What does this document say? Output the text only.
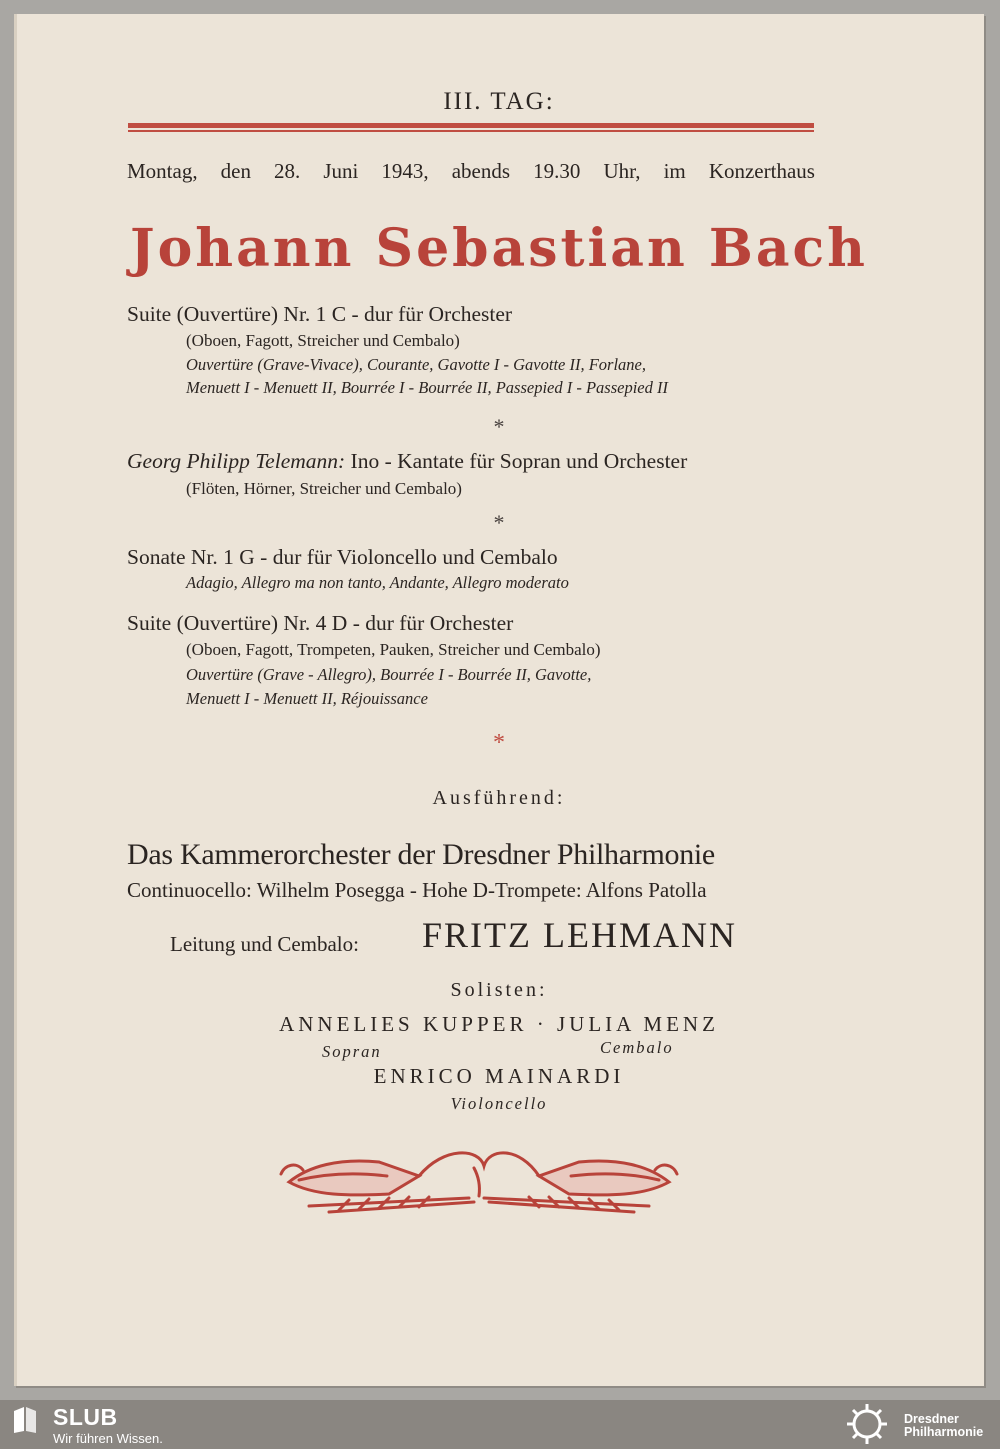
III. TAG:
Montag, den 28. Juni 1943, abends 19.30 Uhr, im Konzerthaus
Johann Sebastian Bach
Suite (Ouvertüre) Nr. 1 C - dur für Orchester
(Oboen, Fagott, Streicher und Cembalo)
Ouvertüre (Grave-Vivace), Courante, Gavotte I - Gavotte II, Forlane,
Menuett I - Menuett II, Bourrée I - Bourrée II, Passepied I - Passepied II
*
Georg Philipp Telemann: Ino - Kantate für Sopran und Orchester
(Flöten, Hörner, Streicher und Cembalo)
*
Sonate Nr. 1 G - dur für Violoncello und Cembalo
Adagio, Allegro ma non tanto, Andante, Allegro moderato
Suite (Ouvertüre) Nr. 4 D - dur für Orchester
(Oboen, Fagott, Trompeten, Pauken, Streicher und Cembalo)
Ouvertüre (Grave - Allegro), Bourrée I - Bourrée II, Gavotte,
Menuett I - Menuett II, Réjouissance
*
Ausführend:
Das Kammerorchester der Dresdner Philharmonie
Continuocello: Wilhelm Posegga - Hohe D-Trompete: Alfons Patolla
Leitung und Cembalo: FRITZ LEHMANN
Solisten:
ANNELIES KUPPER · JULIA MENZ
Sopran	Cembalo
ENRICO MAINARDI
Violoncello
SLUB
Wir führen Wissen.
Dresdner
Philharmonie
